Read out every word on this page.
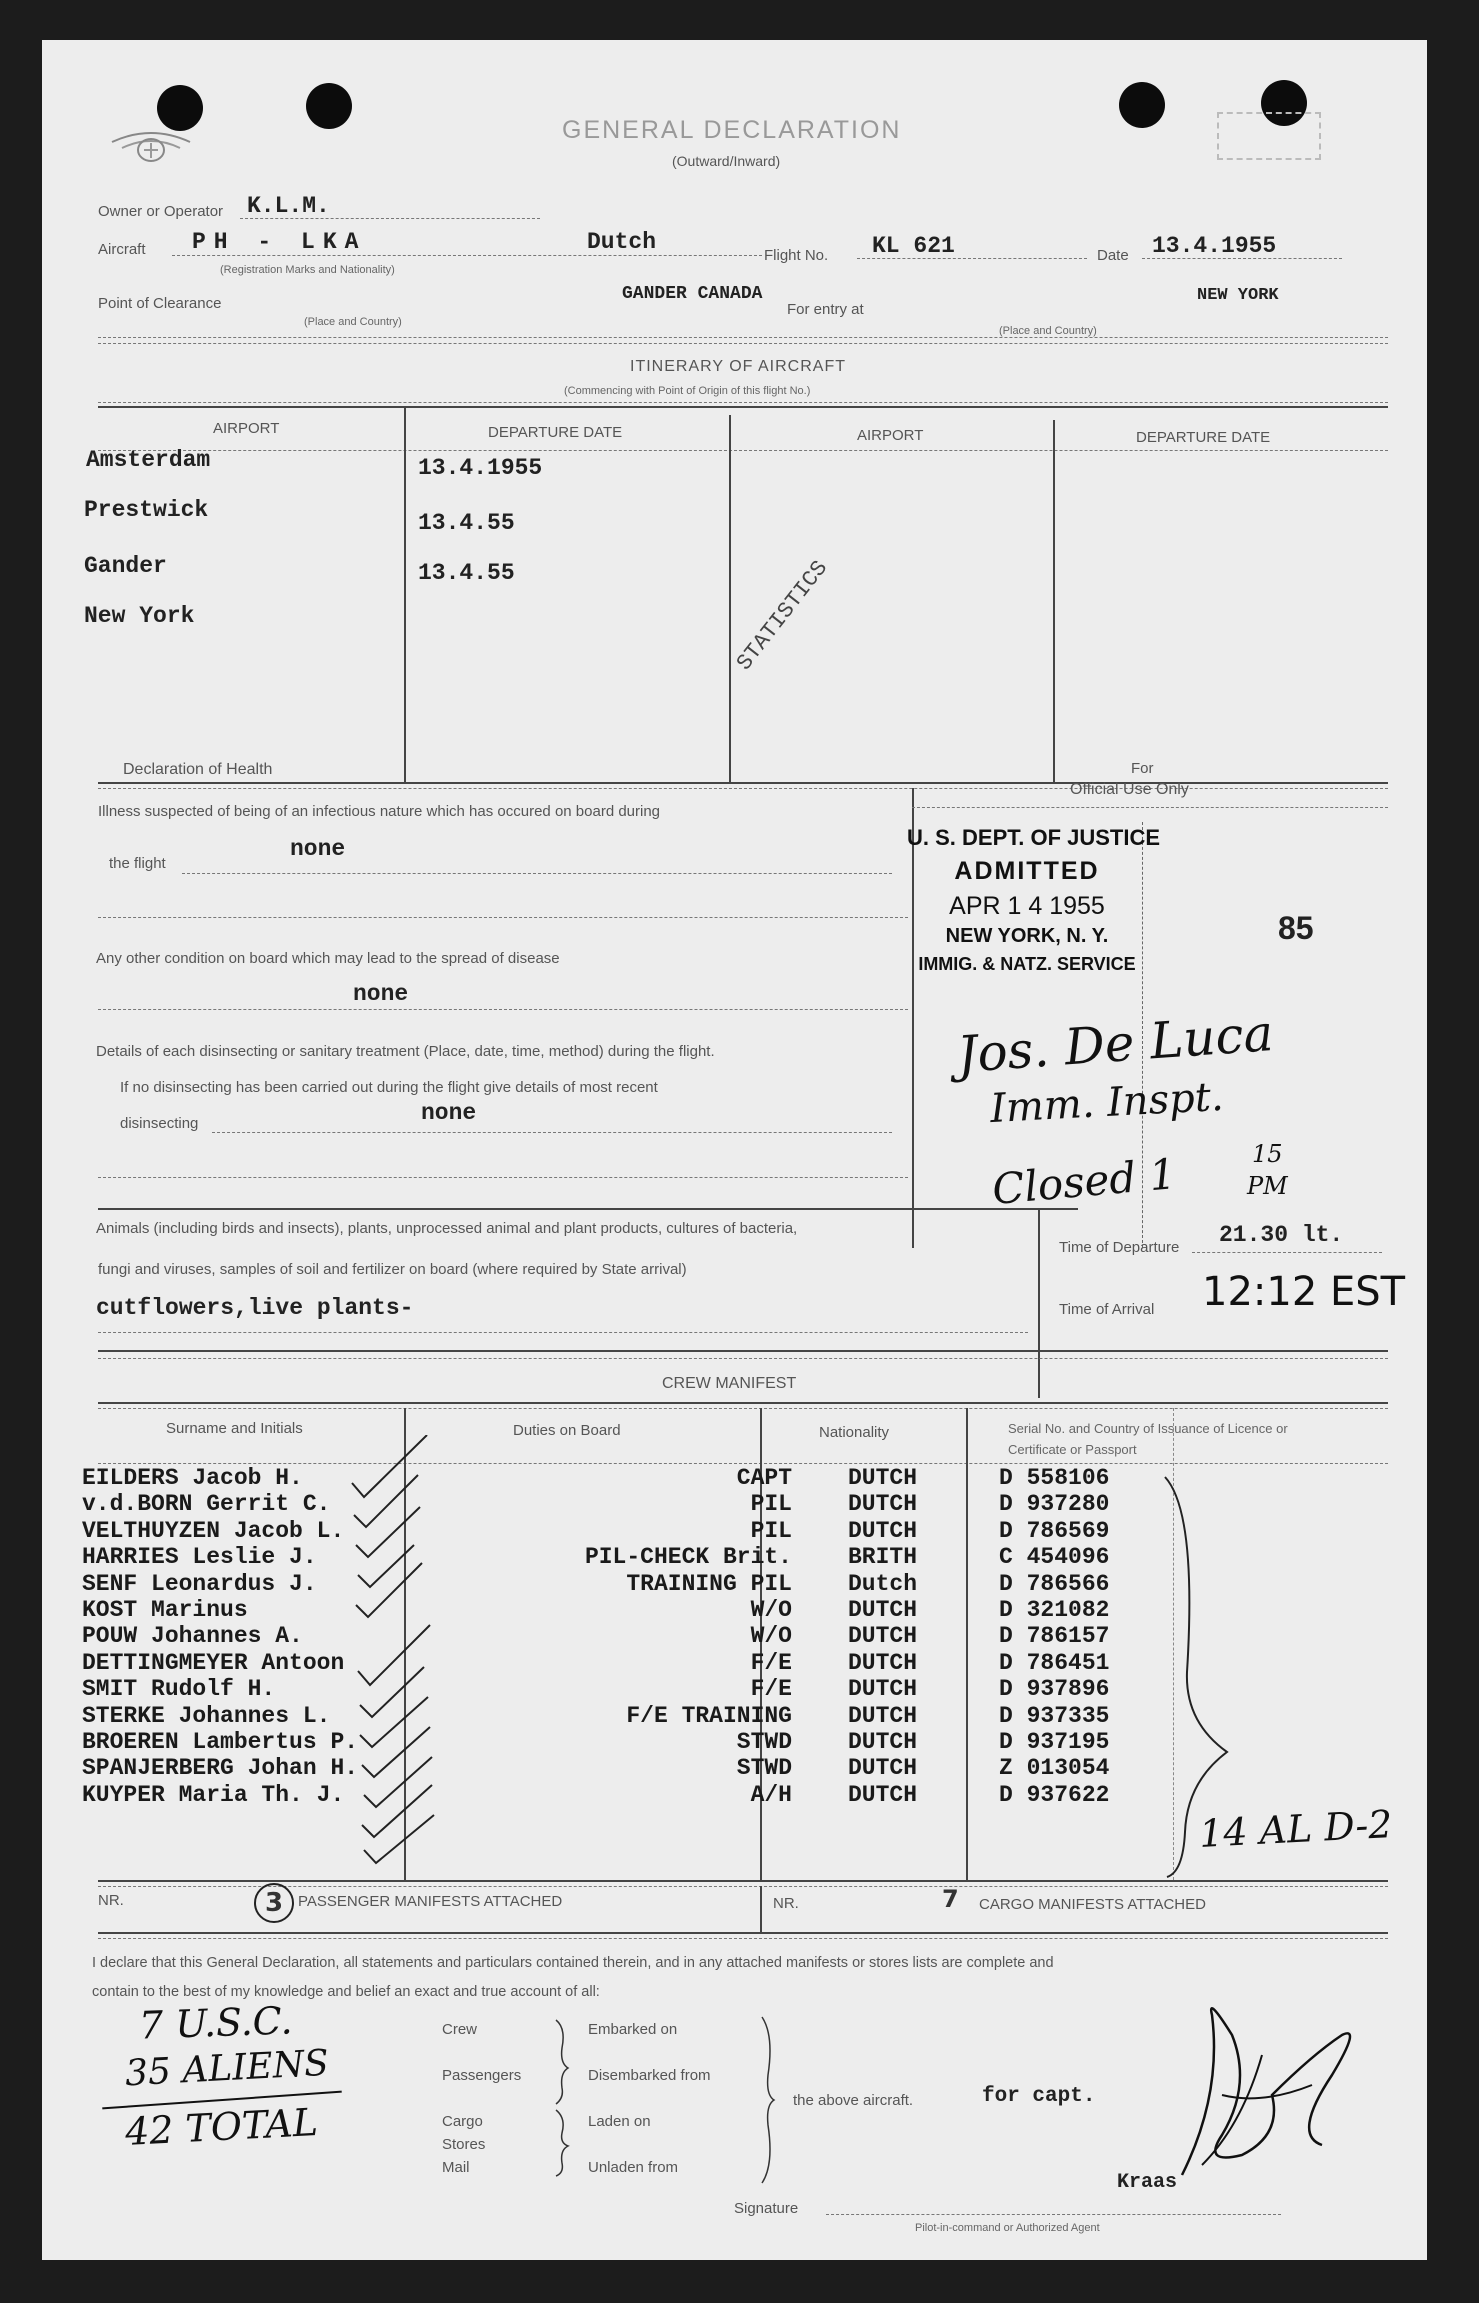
GENERAL DECLARATION
(Outward/Inward)
Owner or Operator K.L.M.
Aircraft PH - LKA	Dutch
(Registration Marks and Nationality)
Flight No. KL 621	Date 13.4.1955
Point of Clearance
(Place and Country)
GANDER CANADA
For entry at
NEW YORK
(Place and Country)
ITINERARY OF AIRCRAFT
(Commencing with Point of Origin of this flight No.)
AIRPORT	DEPARTURE DATE	AIRPORT	DEPARTURE DATE
Amsterdam	13.4.1955
Prestwick	13.4.55
Gander	13.4.55
New York	STATISTICS
Declaration of Health
Illness suspected of being of an infectious nature which has occured on board during
the flight
none
Any other condition on board which may lead to the spread of disease
none
Details of each disinsecting or sanitary treatment (Place, date, time, method) during the flight.
If no disinsecting has been carried out during the flight give details of most recent
disinsecting	none
For
Official Use Only
U. S. DEPT. OF JUSTICE
ADMITTED
APR 1 4 1955
NEW YORK, N. Y.
IMMIG. & NATZ. SERVICE
85
Jos. De Luca
Imm. Inspt.
Closed 1	15
PM
Animals (including birds and insects), plants, unprocessed animal and plant products, cultures of bacteria,
fungi and viruses, samples of soil and fertilizer on board (where required by State arrival)
cutflowers,live plants-
Time of Departure 21.30 lt.
Time of Arrival 12:12 EST
CREW MANIFEST
Surname and Initials	Duties on Board	Nationality	Serial No. and Country of Issuance of Licence or Certificate or Passport
EILDERS Jacob H.	CAPT DUTCH	D 558106
v.d.BORN Gerrit C.	PIL DUTCH	D 937280
VELTHUYZEN Jacob L.	PIL DUTCH	D 786569
HARRIES Leslie J.	PIL-CHECK Brit. BRITH	C 454096
SENF Leonardus J.	TRAINING PIL Dutch	D 786566
KOST Marinus	W/O DUTCH	D 321082
POUW Johannes A.	W/O DUTCH	D 786157
DETTINGMEYER Antoon	F/E DUTCH	D 786451
SMIT Rudolf H.	F/E DUTCH	D 937896
STERKE Johannes L.	F/E TRAINING DUTCH	D 937335
BROEREN Lambertus P.	STWD DUTCH	D 937195
SPANJERBERG Johan H.	STWD DUTCH	Z 013054
KUYPER Maria Th. J.	A/H DUTCH	D 937622
14 AL D-2
NR.	3 PASSENGER MANIFESTS ATTACHED	NR.	7 CARGO MANIFESTS ATTACHED
I declare that this General Declaration, all statements and particulars contained therein, and in any attached manifests or stores lists are complete and
contain to the best of my knowledge and belief an exact and true account of all:
Crew
Passengers
Cargo
Stores
Mail
Embarked on
Disembarked from
Laden on
Unladen from
the above aircraft.	for capt.
Kraas
Signature
Pilot-in-command or Authorized Agent
7 U.S.C.
35 ALIENS
42 TOTAL
